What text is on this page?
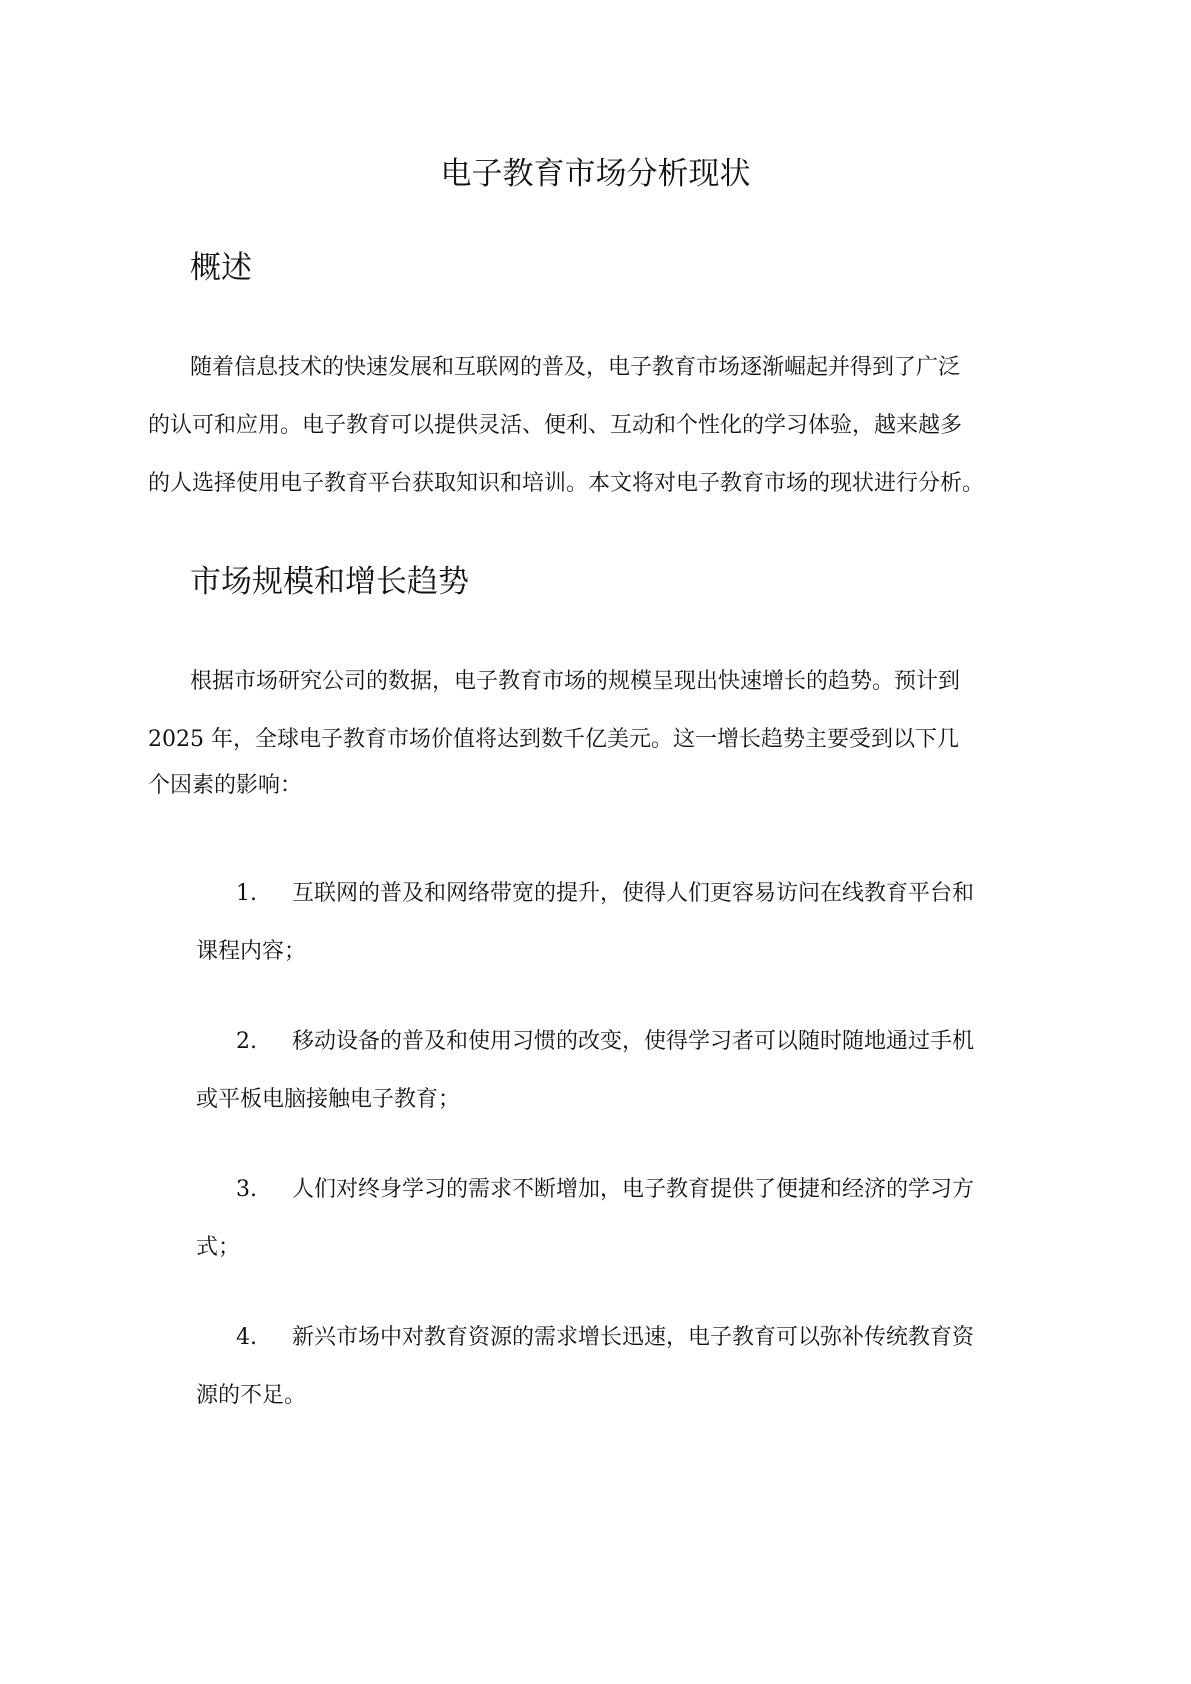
电子教育市场分析现状
概述

随着信息技术的快速发展和互联网的普及，电子教育市场逐渐崛起并得到了广泛

的认可和应用。电子教育可以提供灵活、便利、互动和个性化的学习体验，越来越多

的人选择使用电子教育平台获取知识和培训。本文将对电子教育市场的现状进行分析。

市场规模和增长趋势

根据市场研究公司的数据，电子教育市场的规模呈现出快速增长的趋势。预计到

2025 年，全球电子教育市场价值将达到数千亿美元。这一增长趋势主要受到以下几

个因素的影响：

1. 互联网的普及和网络带宽的提升，使得人们更容易访问在线教育平台和

课程内容；

2. 移动设备的普及和使用习惯的改变，使得学习者可以随时随地通过手机

或平板电脑接触电子教育；

3. 人们对终身学习的需求不断增加，电子教育提供了便捷和经济的学习方

式；

4. 新兴市场中对教育资源的需求增长迅速，电子教育可以弥补传统教育资

源的不足。
